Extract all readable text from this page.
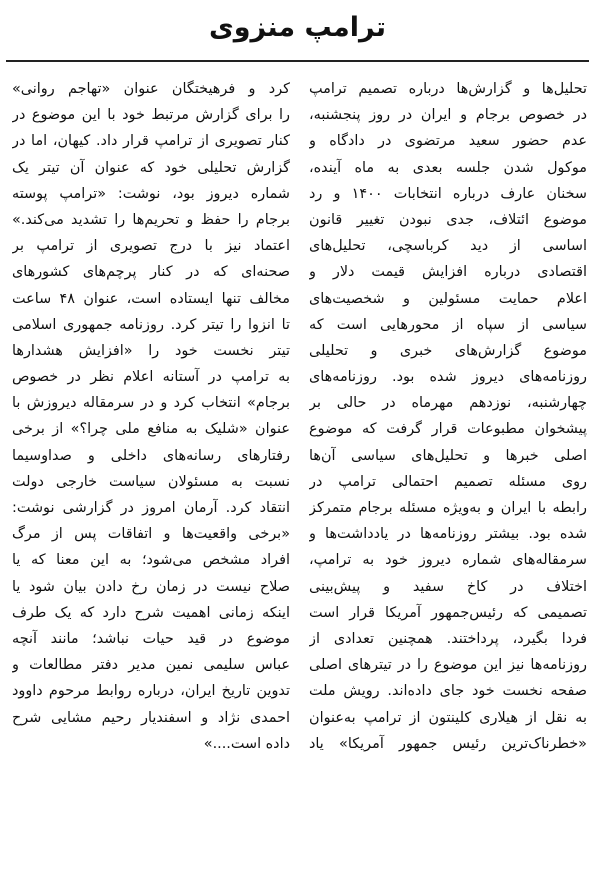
ترامپ منزوی
تحلیل‌ها و گزارش‌ها درباره تصمیم ترامپ
در خصوص برجام و ایران در روز پنجشنبه،
عدم حضور سعید مرتضوی در دادگاه و
موکول شدن جلسه بعدی به ماه آینده،
سخنان عارف درباره انتخابات ۱۴۰۰ و رد
موضوع ائتلاف، جدی نبودن تغییر قانون
اساسی از دید کرباسچی، تحلیل‌های
اقتصادی درباره افزایش قیمت دلار و
اعلام حمایت مسئولین و شخصیت‌های
سیاسی از سپاه از محورهایی است که
موضوع گزارش‌های خبری و تحلیلی
روزنامه‌های دیروز شده بود. روزنامه‌های
چهارشنبه، نوزدهم مهرماه در حالی بر
پیشخوان مطبوعات قرار گرفت که موضوع
اصلی خبرها و تحلیل‌های سیاسی آن‌ها
روی مسئله تصمیم احتمالی ترامپ در
رابطه با ایران و به‌ویژه مسئله برجام متمرکز
شده بود. بیشتر روزنامه‌ها در یادداشت‌ها و
سرمقاله‌های شماره دیروز خود به ترامپ،
اختلاف در کاخ سفید و پیش‌بینی
تصمیمی که رئیس‌جمهور آمریکا قرار است
فردا بگیرد، پرداختند. همچنین تعدادی از
روزنامه‌ها نیز این موضوع را در تیترهای اصلی
صفحه نخست خود جای داده‌اند. رویش ملت
به نقل از هیلاری کلینتون از ترامپ به‌عنوان
«خطرناک‌ترین رئیس جمهور آمریکا» یاد
کرد و فرهیختگان عنوان «تهاجم روانی»
را برای گزارش مرتبط خود با این موضوع در
کنار تصویری از ترامپ قرار داد. کیهان، اما در
گزارش تحلیلی خود که عنوان آن تیتر یک
شماره دیروز بود، نوشت: «ترامپ پوسته
برجام را حفظ و تحریم‌ها را تشدید می‌کند.»
اعتماد نیز با درج تصویری از ترامپ بر
صحنه‌ای که در کنار پرچم‌های کشورهای
مخالف تنها ایستاده است، عنوان ۴۸ ساعت
تا انزوا را تیتر کرد. روزنامه جمهوری اسلامی
تیتر نخست خود را «افزایش هشدارها
به ترامپ در آستانه اعلام نظر در خصوص
برجام» انتخاب کرد و در سرمقاله دیروزش با
عنوان «شلیک به منافع ملی چرا؟» از برخی
رفتارهای رسانه‌های داخلی و صداوسیما
نسبت به مسئولان سیاست خارجی دولت
انتقاد کرد. آرمان امروز در گزارشی نوشت:
«برخی واقعیت‌ها و اتفاقات پس از مرگ
افراد مشخص می‌شود؛ به این معنا که یا
صلاح نیست در زمان رخ دادن بیان شود یا
اینکه زمانی اهمیت شرح دارد که یک طرف
موضوع در قید حیات نباشد؛ مانند آنچه
عباس سلیمی نمین مدیر دفتر مطالعات و
تدوین تاریخ ایران، درباره روابط مرحوم داوود
احمدی نژاد و اسفندیار رحیم مشایی شرح
داده است....»
